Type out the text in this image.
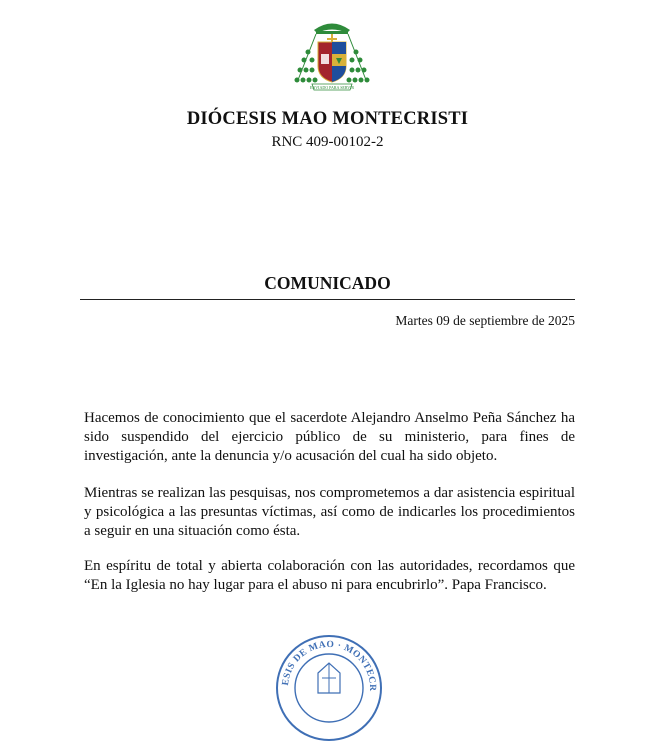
ENVIADO PARA SERVIR
DIÓCESIS MAO MONTECRISTI
RNC 409-00102-2
COMUNICADO
Martes 09 de septiembre de 2025

Hacemos de conocimiento que el sacerdote Alejandro Anselmo Peña Sánchez ha sido suspendido del ejercicio público de su ministerio, para fines de investigación, ante la denuncia y/o acusación del cual ha sido objeto.

Mientras se realizan las pesquisas, nos comprometemos a dar asistencia espiritual y psicológica a las presuntas víctimas, así como de indicarles los procedimientos a seguir en una situación como ésta.

En espíritu de total y abierta colaboración con las autoridades, recordamos que “En la Iglesia no hay lugar para el abuso ni para encubrirlo”. Papa Francisco.

ESIS DE MAO · MONTECR
